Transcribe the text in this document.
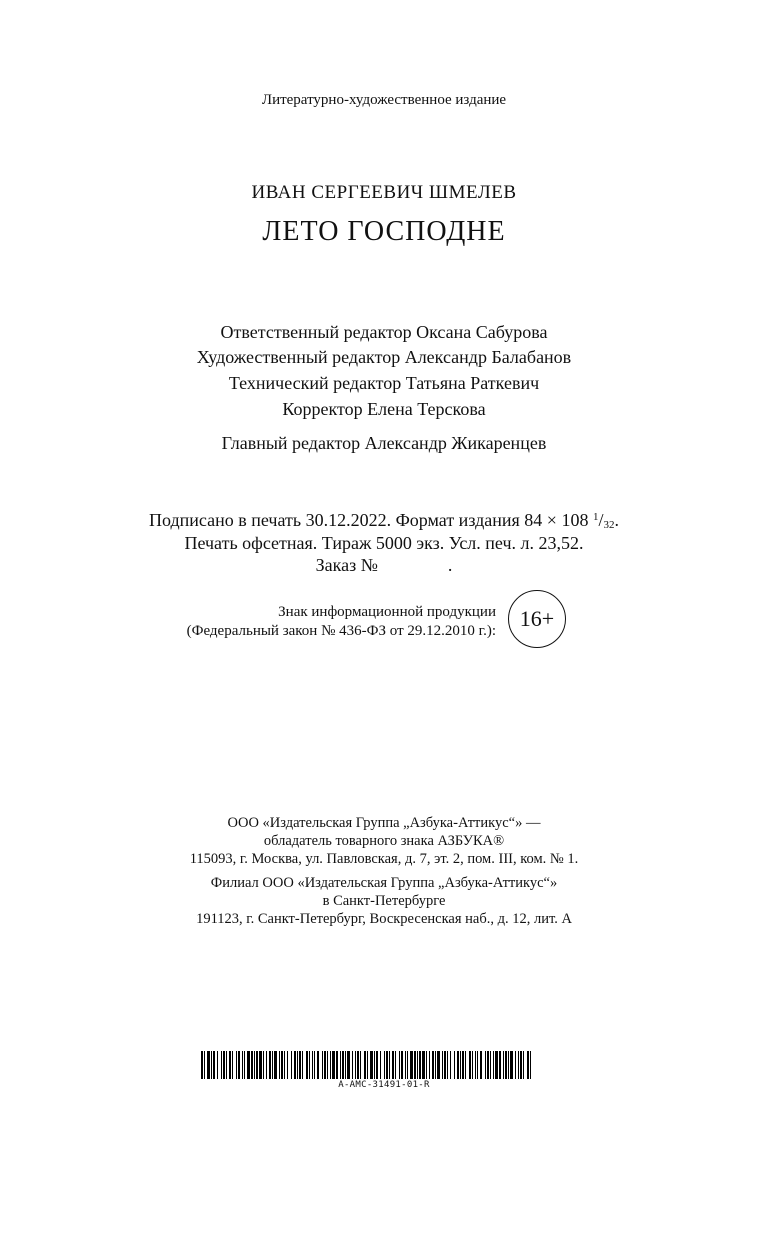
Литературно-художественное издание
ИВАН СЕРГЕЕВИЧ ШМЕЛЕВ
ЛЕТО ГОСПОДНЕ
Ответственный редактор Оксана Сабурова
Художественный редактор Александр Балабанов
Технический редактор Татьяна Раткевич
Корректор Елена Терскова
Главный редактор Александр Жикаренцев
Подписано в печать 30.12.2022. Формат издания 84 × 108 $^1/_{32}$.
Печать офсетная. Тираж 5000 экз. Усл. печ. л. 23,52.
Заказ №	.
Знак информационной продукции
(Федеральный закон № 436-ФЗ от 29.12.2010 г.):	16+
ООО «Издательская Группа „Азбука-Аттикус“» —
обладатель товарного знака АЗБУКА®
115093, г. Москва, ул. Павловская, д. 7, эт. 2, пом. III, ком. № 1.
Филиал ООО «Издательская Группа „Азбука-Аттикус“»
в Санкт-Петербурге
191123, г. Санкт-Петербург, Воскресенская наб., д. 12, лит. А
A-AMC-31491-01-R
